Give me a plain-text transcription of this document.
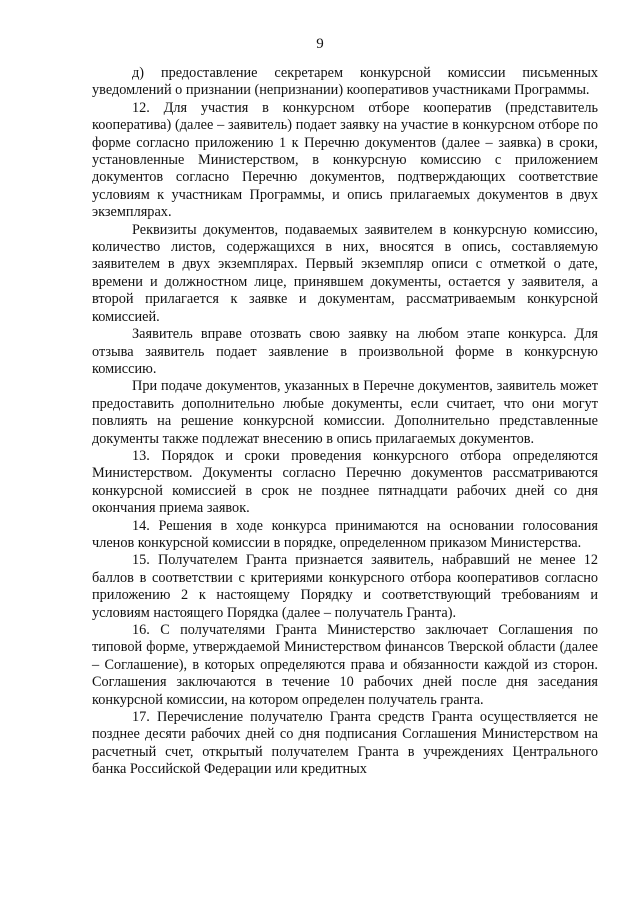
9

д) предоставление секретарем конкурсной комиссии письменных уведомлений о признании (непризнании) кооперативов участниками Программы.

12. Для участия в конкурсном отборе кооператив (представитель кооператива) (далее – заявитель) подает заявку на участие в конкурсном отборе по форме согласно приложению 1 к Перечню документов (далее – заявка) в сроки, установленные Министерством, в конкурсную комиссию с приложением документов согласно Перечню документов, подтверждающих соответствие условиям к участникам Программы, и опись прилагаемых документов в двух экземплярах.

Реквизиты документов, подаваемых заявителем в конкурсную комиссию, количество листов, содержащихся в них, вносятся в опись, составляемую заявителем в двух экземплярах. Первый экземпляр описи с отметкой о дате, времени и должностном лице, принявшем документы, остается у заявителя, а второй прилагается к заявке и документам, рассматриваемым конкурсной комиссией.

Заявитель вправе отозвать свою заявку на любом этапе конкурса. Для отзыва заявитель подает заявление в произвольной форме в конкурсную комиссию.

При подаче документов, указанных в Перечне документов, заявитель может предоставить дополнительно любые документы, если считает, что они могут повлиять на решение конкурсной комиссии. Дополнительно представленные документы также подлежат внесению в опись прилагаемых документов.

13. Порядок и сроки проведения конкурсного отбора определяются Министерством. Документы согласно Перечню документов рассматриваются конкурсной комиссией в срок не позднее пятнадцати рабочих дней со дня окончания приема заявок.

14. Решения в ходе конкурса принимаются на основании голосования членов конкурсной комиссии в порядке, определенном приказом Министерства.

15. Получателем Гранта признается заявитель, набравший не менее 12 баллов в соответствии с критериями конкурсного отбора кооперативов согласно приложению 2 к настоящему Порядку и соответствующий требованиям и условиям настоящего Порядка (далее – получатель Гранта).

16. С получателями Гранта Министерство заключает Соглашения по типовой форме, утверждаемой Министерством финансов Тверской области (далее – Соглашение), в которых определяются права и обязанности каждой из сторон. Соглашения заключаются в течение 10 рабочих дней после дня заседания конкурсной комиссии, на котором определен получатель гранта.

17. Перечисление получателю Гранта средств Гранта осуществляется не позднее десяти рабочих дней со дня подписания Соглашения Министерством на расчетный счет, открытый получателем Гранта в учреждениях Центрального банка Российской Федерации или кредитных
